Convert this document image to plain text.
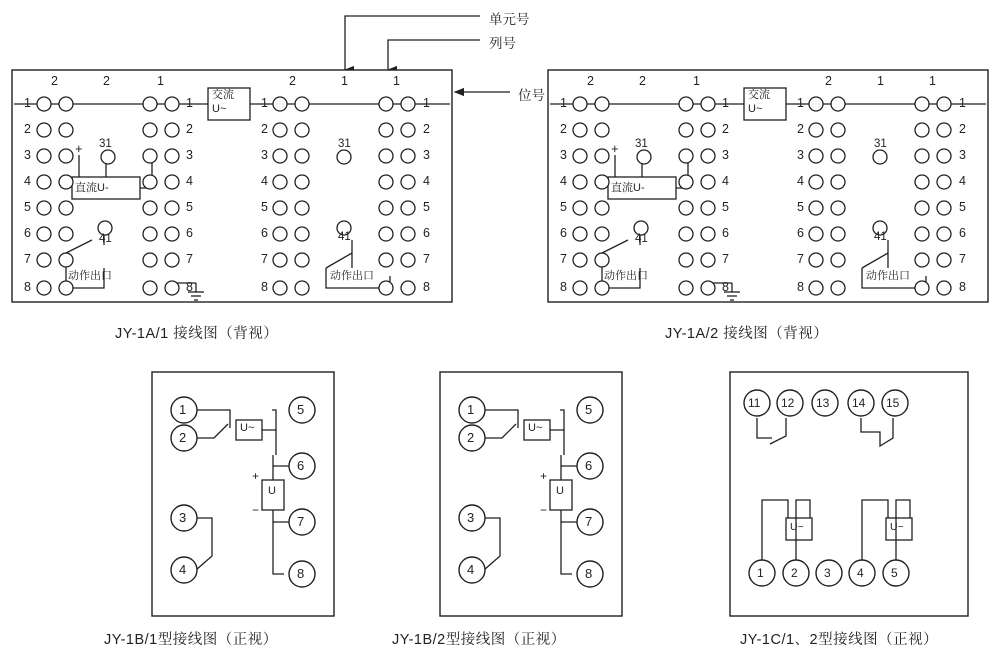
单元号
列号
位号
2	2	1	2	1	1
1
2
3
4
5
6
7
8
1
2
3
4
5
6
7
8
1
2
3
4
5
6
7
8
1
2
3
4
5
6
7
8
交流
U~
直流U-
+ 31
41
动作出口
31
41
动作出口
2	2	1	2	1	1
1
2
3
4
5
6
7
8
1
2
3
4
5
6
7
8
1
2
3
4
5
6
7
8
1
2
3
4
5
6
7
8
交流
U~
直流U-
+ 31
41
动作出口
31
41
动作出口
1
2
3
4
5
6
7
8
U~
U
+
−
1
2
3
4
5
6
7
8
U~
U
+
−
11 12 13 14 15
1 2 3 4 5
U~	U~
JY-1A/1 接线图（背视）	JY-1A/2 接线图（背视）
JY-1B/1型接线图（正视）	JY-1B/2型接线图（正视）	JY-1C/1、2型接线图（正视）
